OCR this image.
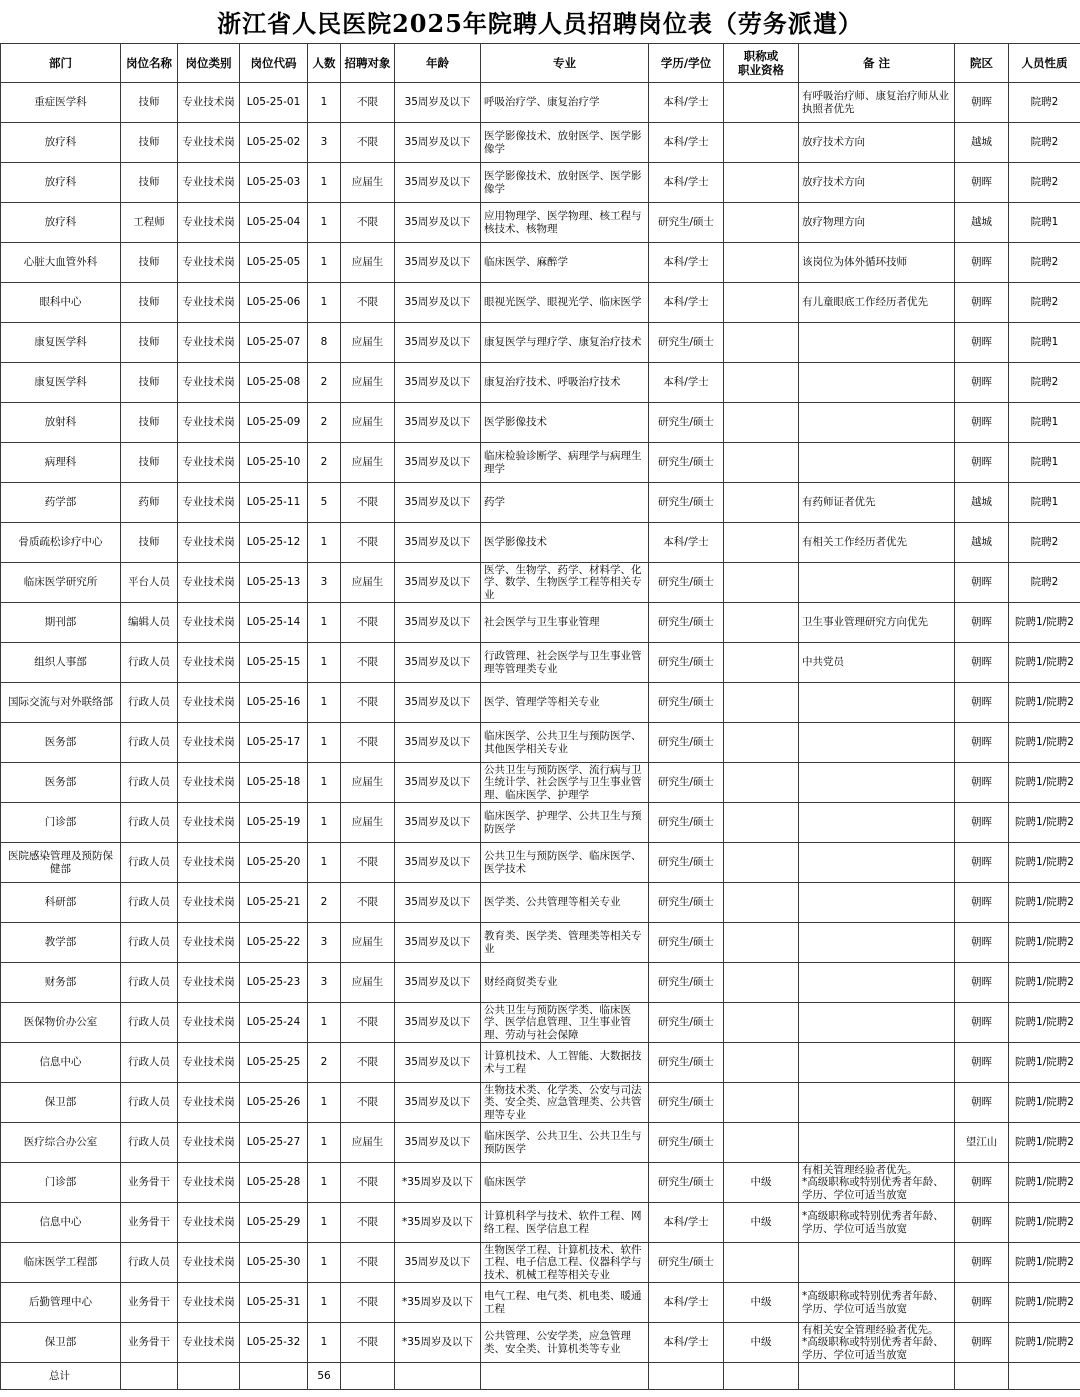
浙江省人民医院2025年院聘人员招聘岗位表（劳务派遣）
部门	岗位名称	岗位类别	岗位代码	人数	招聘对象	年龄	专业	学历/学位	职称或
职业资格	备 注	院区	人员性质
重症医学科	技师	专业技术岗	L05-25-01	1	不限	35周岁及以下	呼吸治疗学、康复治疗学	本科/学士		有呼吸治疗师、康复治疗师从业执照者优先	朝晖	院聘2
放疗科	技师	专业技术岗	L05-25-02	3	不限	35周岁及以下	医学影像技术、放射医学、医学影像学	本科/学士		放疗技术方向	越城	院聘2
放疗科	技师	专业技术岗	L05-25-03	1	应届生	35周岁及以下	医学影像技术、放射医学、医学影像学	本科/学士		放疗技术方向	朝晖	院聘2
放疗科	工程师	专业技术岗	L05-25-04	1	不限	35周岁及以下	应用物理学、医学物理、核工程与核技术、核物理	研究生/硕士		放疗物理方向	越城	院聘1
心脏大血管外科	技师	专业技术岗	L05-25-05	1	应届生	35周岁及以下	临床医学、麻醉学	本科/学士		该岗位为体外循环技师	朝晖	院聘2
眼科中心	技师	专业技术岗	L05-25-06	1	不限	35周岁及以下	眼视光医学、眼视光学、临床医学	本科/学士		有儿童眼底工作经历者优先	朝晖	院聘2
康复医学科	技师	专业技术岗	L05-25-07	8	应届生	35周岁及以下	康复医学与理疗学、康复治疗技术	研究生/硕士			朝晖	院聘1
康复医学科	技师	专业技术岗	L05-25-08	2	应届生	35周岁及以下	康复治疗技术、呼吸治疗技术	本科/学士			朝晖	院聘2
放射科	技师	专业技术岗	L05-25-09	2	应届生	35周岁及以下	医学影像技术	研究生/硕士			朝晖	院聘1
病理科	技师	专业技术岗	L05-25-10	2	应届生	35周岁及以下	临床检验诊断学、病理学与病理生理学	研究生/硕士			朝晖	院聘1
药学部	药师	专业技术岗	L05-25-11	5	不限	35周岁及以下	药学	研究生/硕士		有药师证者优先	越城	院聘1
骨质疏松诊疗中心	技师	专业技术岗	L05-25-12	1	不限	35周岁及以下	医学影像技术	本科/学士		有相关工作经历者优先	越城	院聘2
临床医学研究所	平台人员	专业技术岗	L05-25-13	3	应届生	35周岁及以下	医学、生物学、药学、材料学、化学、数学、生物医学工程等相关专业	研究生/硕士			朝晖	院聘2
期刊部	编辑人员	专业技术岗	L05-25-14	1	不限	35周岁及以下	社会医学与卫生事业管理	研究生/硕士		卫生事业管理研究方向优先	朝晖	院聘1/院聘2
组织人事部	行政人员	专业技术岗	L05-25-15	1	不限	35周岁及以下	行政管理、社会医学与卫生事业管理等管理类专业	研究生/硕士		中共党员	朝晖	院聘1/院聘2
国际交流与对外联络部	行政人员	专业技术岗	L05-25-16	1	不限	35周岁及以下	医学、管理学等相关专业	研究生/硕士			朝晖	院聘1/院聘2
医务部	行政人员	专业技术岗	L05-25-17	1	不限	35周岁及以下	临床医学、公共卫生与预防医学、其他医学相关专业	研究生/硕士			朝晖	院聘1/院聘2
医务部	行政人员	专业技术岗	L05-25-18	1	应届生	35周岁及以下	公共卫生与预防医学、流行病与卫生统计学、社会医学与卫生事业管理、临床医学、护理学	研究生/硕士			朝晖	院聘1/院聘2
门诊部	行政人员	专业技术岗	L05-25-19	1	应届生	35周岁及以下	临床医学、护理学、公共卫生与预防医学	研究生/硕士			朝晖	院聘1/院聘2
医院感染管理及预防保健部	行政人员	专业技术岗	L05-25-20	1	不限	35周岁及以下	公共卫生与预防医学、临床医学、医学技术	研究生/硕士			朝晖	院聘1/院聘2
科研部	行政人员	专业技术岗	L05-25-21	2	不限	35周岁及以下	医学类、公共管理等相关专业	研究生/硕士			朝晖	院聘1/院聘2
教学部	行政人员	专业技术岗	L05-25-22	3	应届生	35周岁及以下	教育类、医学类、管理类等相关专业	研究生/硕士			朝晖	院聘1/院聘2
财务部	行政人员	专业技术岗	L05-25-23	3	应届生	35周岁及以下	财经商贸类专业	研究生/硕士			朝晖	院聘1/院聘2
医保物价办公室	行政人员	专业技术岗	L05-25-24	1	不限	35周岁及以下	公共卫生与预防医学类、临床医学、医学信息管理、卫生事业管理、劳动与社会保障	研究生/硕士			朝晖	院聘1/院聘2
信息中心	行政人员	专业技术岗	L05-25-25	2	不限	35周岁及以下	计算机技术、人工智能、大数据技术与工程	研究生/硕士			朝晖	院聘1/院聘2
保卫部	行政人员	专业技术岗	L05-25-26	1	不限	35周岁及以下	生物技术类、化学类、公安与司法类、安全类、应急管理类、公共管理等专业	研究生/硕士			朝晖	院聘1/院聘2
医疗综合办公室	行政人员	专业技术岗	L05-25-27	1	应届生	35周岁及以下	临床医学、公共卫生、公共卫生与预防医学	研究生/硕士			望江山	院聘1/院聘2
门诊部	业务骨干	专业技术岗	L05-25-28	1	不限	*35周岁及以下	临床医学	研究生/硕士	中级	有相关管理经验者优先。
*高级职称或特别优秀者年龄、学历、学位可适当放宽	朝晖	院聘1/院聘2
信息中心	业务骨干	专业技术岗	L05-25-29	1	不限	*35周岁及以下	计算机科学与技术、软件工程、网络工程、医学信息工程	本科/学士	中级	*高级职称或特别优秀者年龄、学历、学位可适当放宽	朝晖	院聘1/院聘2
临床医学工程部	行政人员	专业技术岗	L05-25-30	1	不限	35周岁及以下	生物医学工程、计算机技术、软件工程、电子信息工程、仪器科学与技术、机械工程等相关专业	研究生/硕士			朝晖	院聘1/院聘2
后勤管理中心	业务骨干	专业技术岗	L05-25-31	1	不限	*35周岁及以下	电气工程、电气类、机电类、暖通工程	本科/学士	中级	*高级职称或特别优秀者年龄、学历、学位可适当放宽	朝晖	院聘1/院聘2
保卫部	业务骨干	专业技术岗	L05-25-32	1	不限	*35周岁及以下	公共管理、公安学类，应急管理类、安全类、计算机类等专业	本科/学士	中级	有相关安全管理经验者优先。
*高级职称或特别优秀者年龄、学历、学位可适当放宽	朝晖	院聘1/院聘2
总计				56								
